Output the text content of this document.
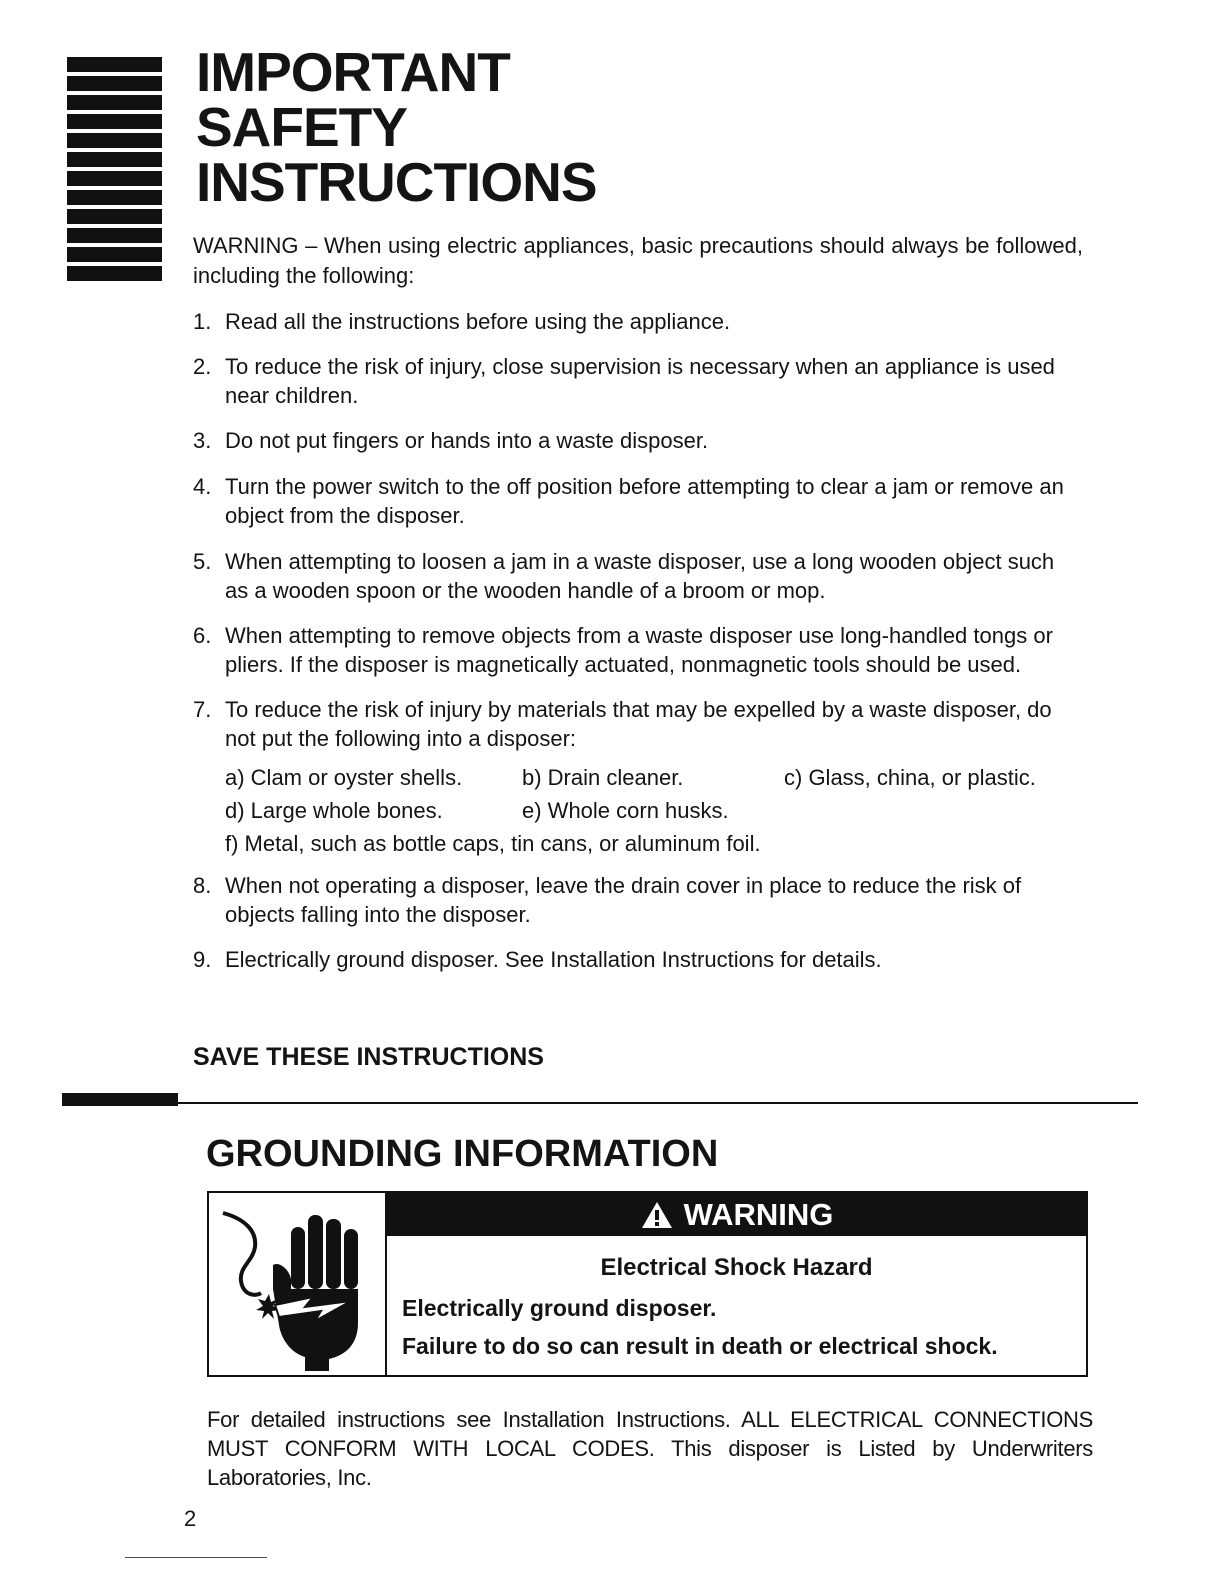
IMPORTANT
SAFETY
INSTRUCTIONS
WARNING – When using electric appliances, basic precautions should always be followed, including the following:
1. Read all the instructions before using the appliance.
2. To reduce the risk of injury, close supervision is necessary when an appliance is used near children.
3. Do not put fingers or hands into a waste disposer.
4. Turn the power switch to the off position before attempting to clear a jam or remove an object from the disposer.
5. When attempting to loosen a jam in a waste disposer, use a long wooden object such as a wooden spoon or the wooden handle of a broom or mop.
6. When attempting to remove objects from a waste disposer use long-handled tongs or pliers. If the disposer is magnetically actuated, nonmagnetic tools should be used.
7. To reduce the risk of injury by materials that may be expelled by a waste disposer, do not put the following into a disposer:
a) Clam or oyster shells.	b) Drain cleaner.	c) Glass, china, or plastic.
d) Large whole bones.	e) Whole corn husks.
f) Metal, such as bottle caps, tin cans, or aluminum foil.
8. When not operating a disposer, leave the drain cover in place to reduce the risk of objects falling into the disposer.
9. Electrically ground disposer. See Installation Instructions for details.
SAVE THESE INSTRUCTIONS
GROUNDING INFORMATION
WARNING
Electrical Shock Hazard
Electrically ground disposer.
Failure to do so can result in death or electrical shock.
For detailed instructions see Installation Instructions. ALL ELECTRICAL CONNECTIONS MUST CONFORM WITH LOCAL CODES. This disposer is Listed by Underwriters Laboratories, Inc.
2
